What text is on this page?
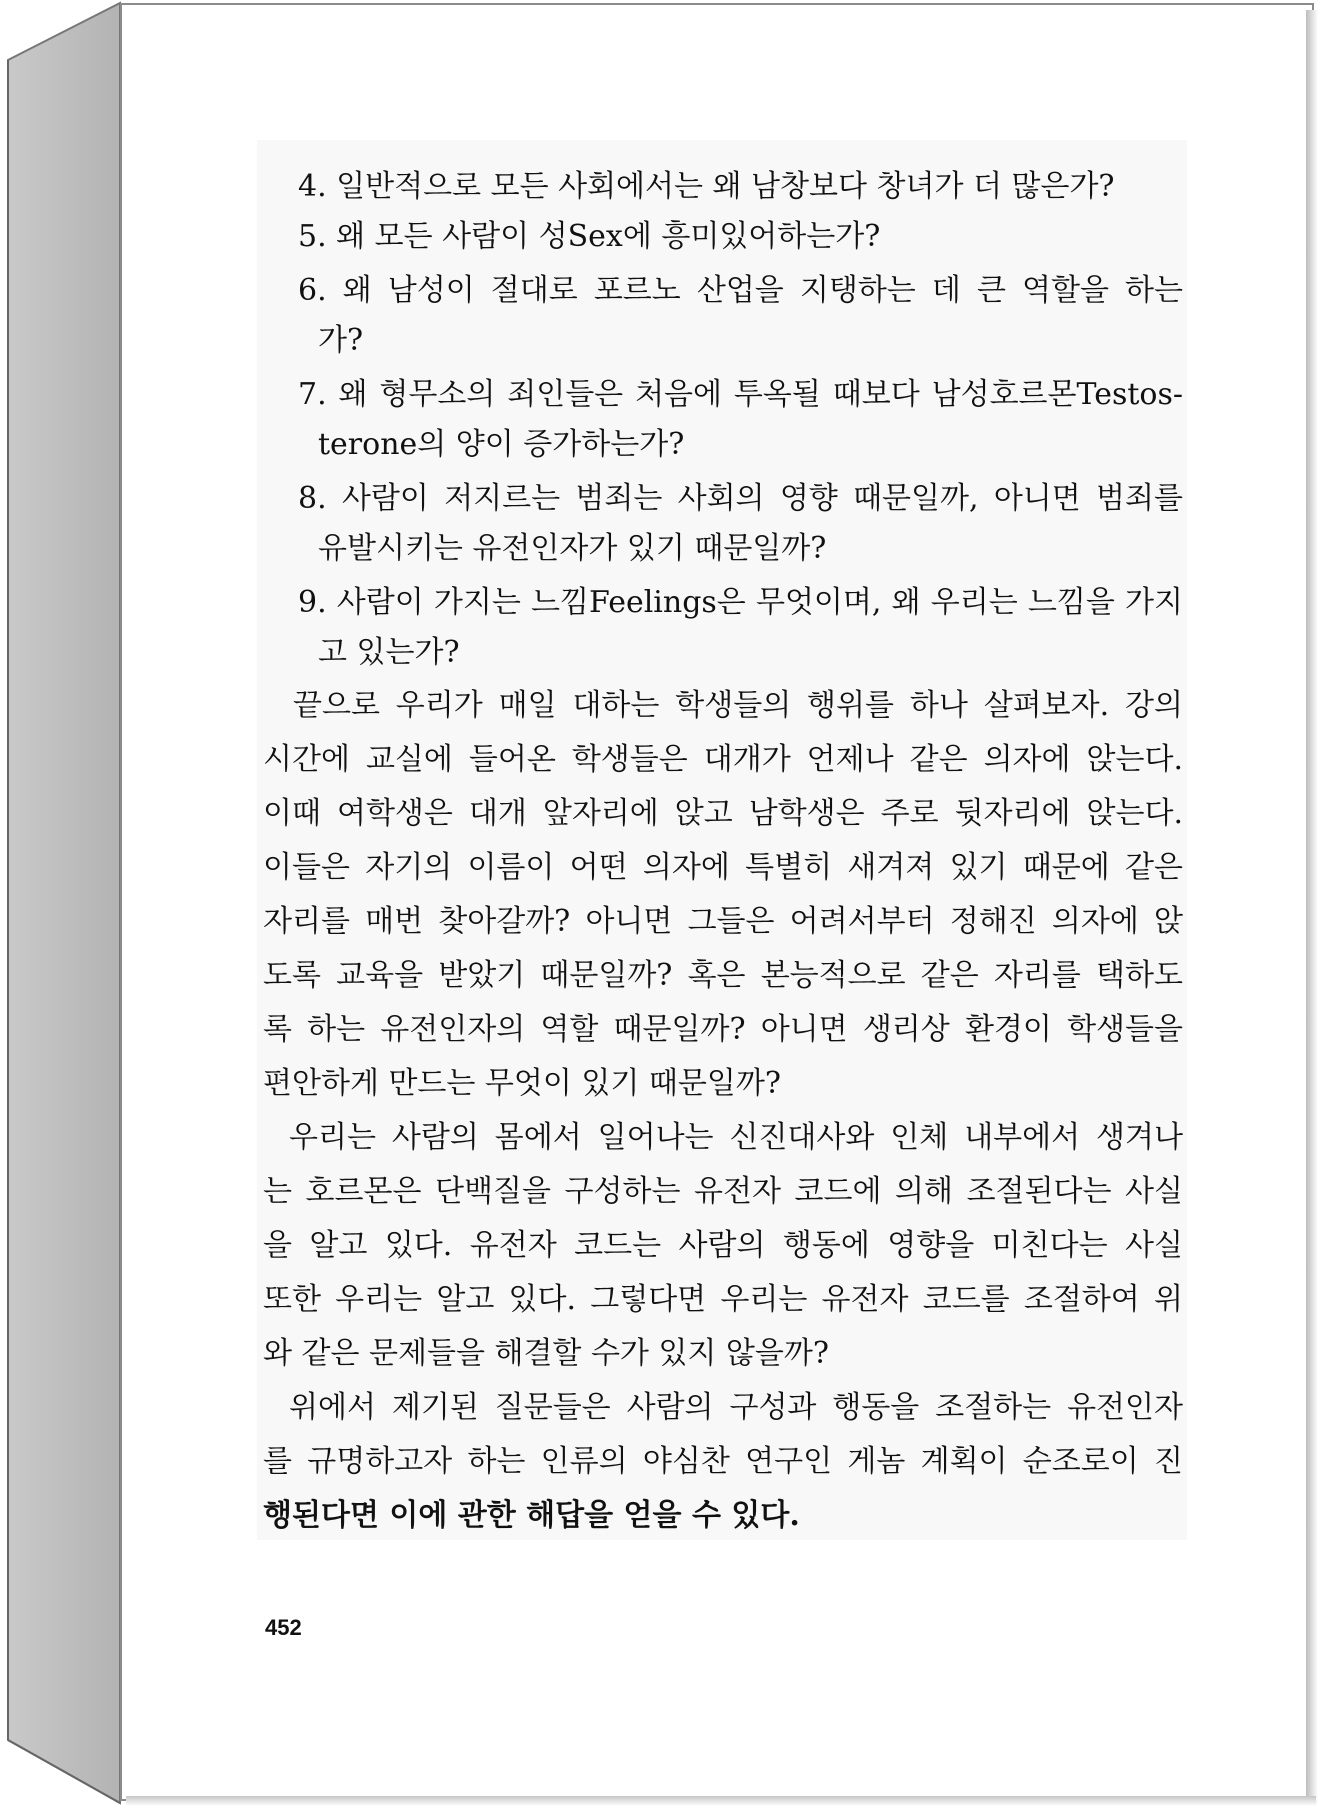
4. 일반적으로 모든 사회에서는 왜 남창보다 창녀가 더 많은가?
5. 왜 모든 사람이 성Sex에 흥미있어하는가?
6. 왜 남성이 절대로 포르노 산업을 지탱하는 데 큰 역할을 하는
가?
7. 왜 형무소의 죄인들은 처음에 투옥될 때보다 남성호르몬Testos-
terone의 양이 증가하는가?
8. 사람이 저지르는 범죄는 사회의 영향 때문일까, 아니면 범죄를
유발시키는 유전인자가 있기 때문일까?
9. 사람이 가지는 느낌Feelings은 무엇이며, 왜 우리는 느낌을 가지
고 있는가?
끝으로 우리가 매일 대하는 학생들의 행위를 하나 살펴보자. 강의
시간에 교실에 들어온 학생들은 대개가 언제나 같은 의자에 앉는다.
이때 여학생은 대개 앞자리에 앉고 남학생은 주로 뒷자리에 앉는다.
이들은 자기의 이름이 어떤 의자에 특별히 새겨져 있기 때문에 같은
자리를 매번 찾아갈까? 아니면 그들은 어려서부터 정해진 의자에 앉
도록 교육을 받았기 때문일까? 혹은 본능적으로 같은 자리를 택하도
록 하는 유전인자의 역할 때문일까? 아니면 생리상 환경이 학생들을
편안하게 만드는 무엇이 있기 때문일까?
우리는 사람의 몸에서 일어나는 신진대사와 인체 내부에서 생겨나
는 호르몬은 단백질을 구성하는 유전자 코드에 의해 조절된다는 사실
을 알고 있다. 유전자 코드는 사람의 행동에 영향을 미친다는 사실
또한 우리는 알고 있다. 그렇다면 우리는 유전자 코드를 조절하여 위
와 같은 문제들을 해결할 수가 있지 않을까?
위에서 제기된 질문들은 사람의 구성과 행동을 조절하는 유전인자
를 규명하고자 하는 인류의 야심찬 연구인 게놈 계획이 순조로이 진
행된다면 이에 관한 해답을 얻을 수 있다.
452
